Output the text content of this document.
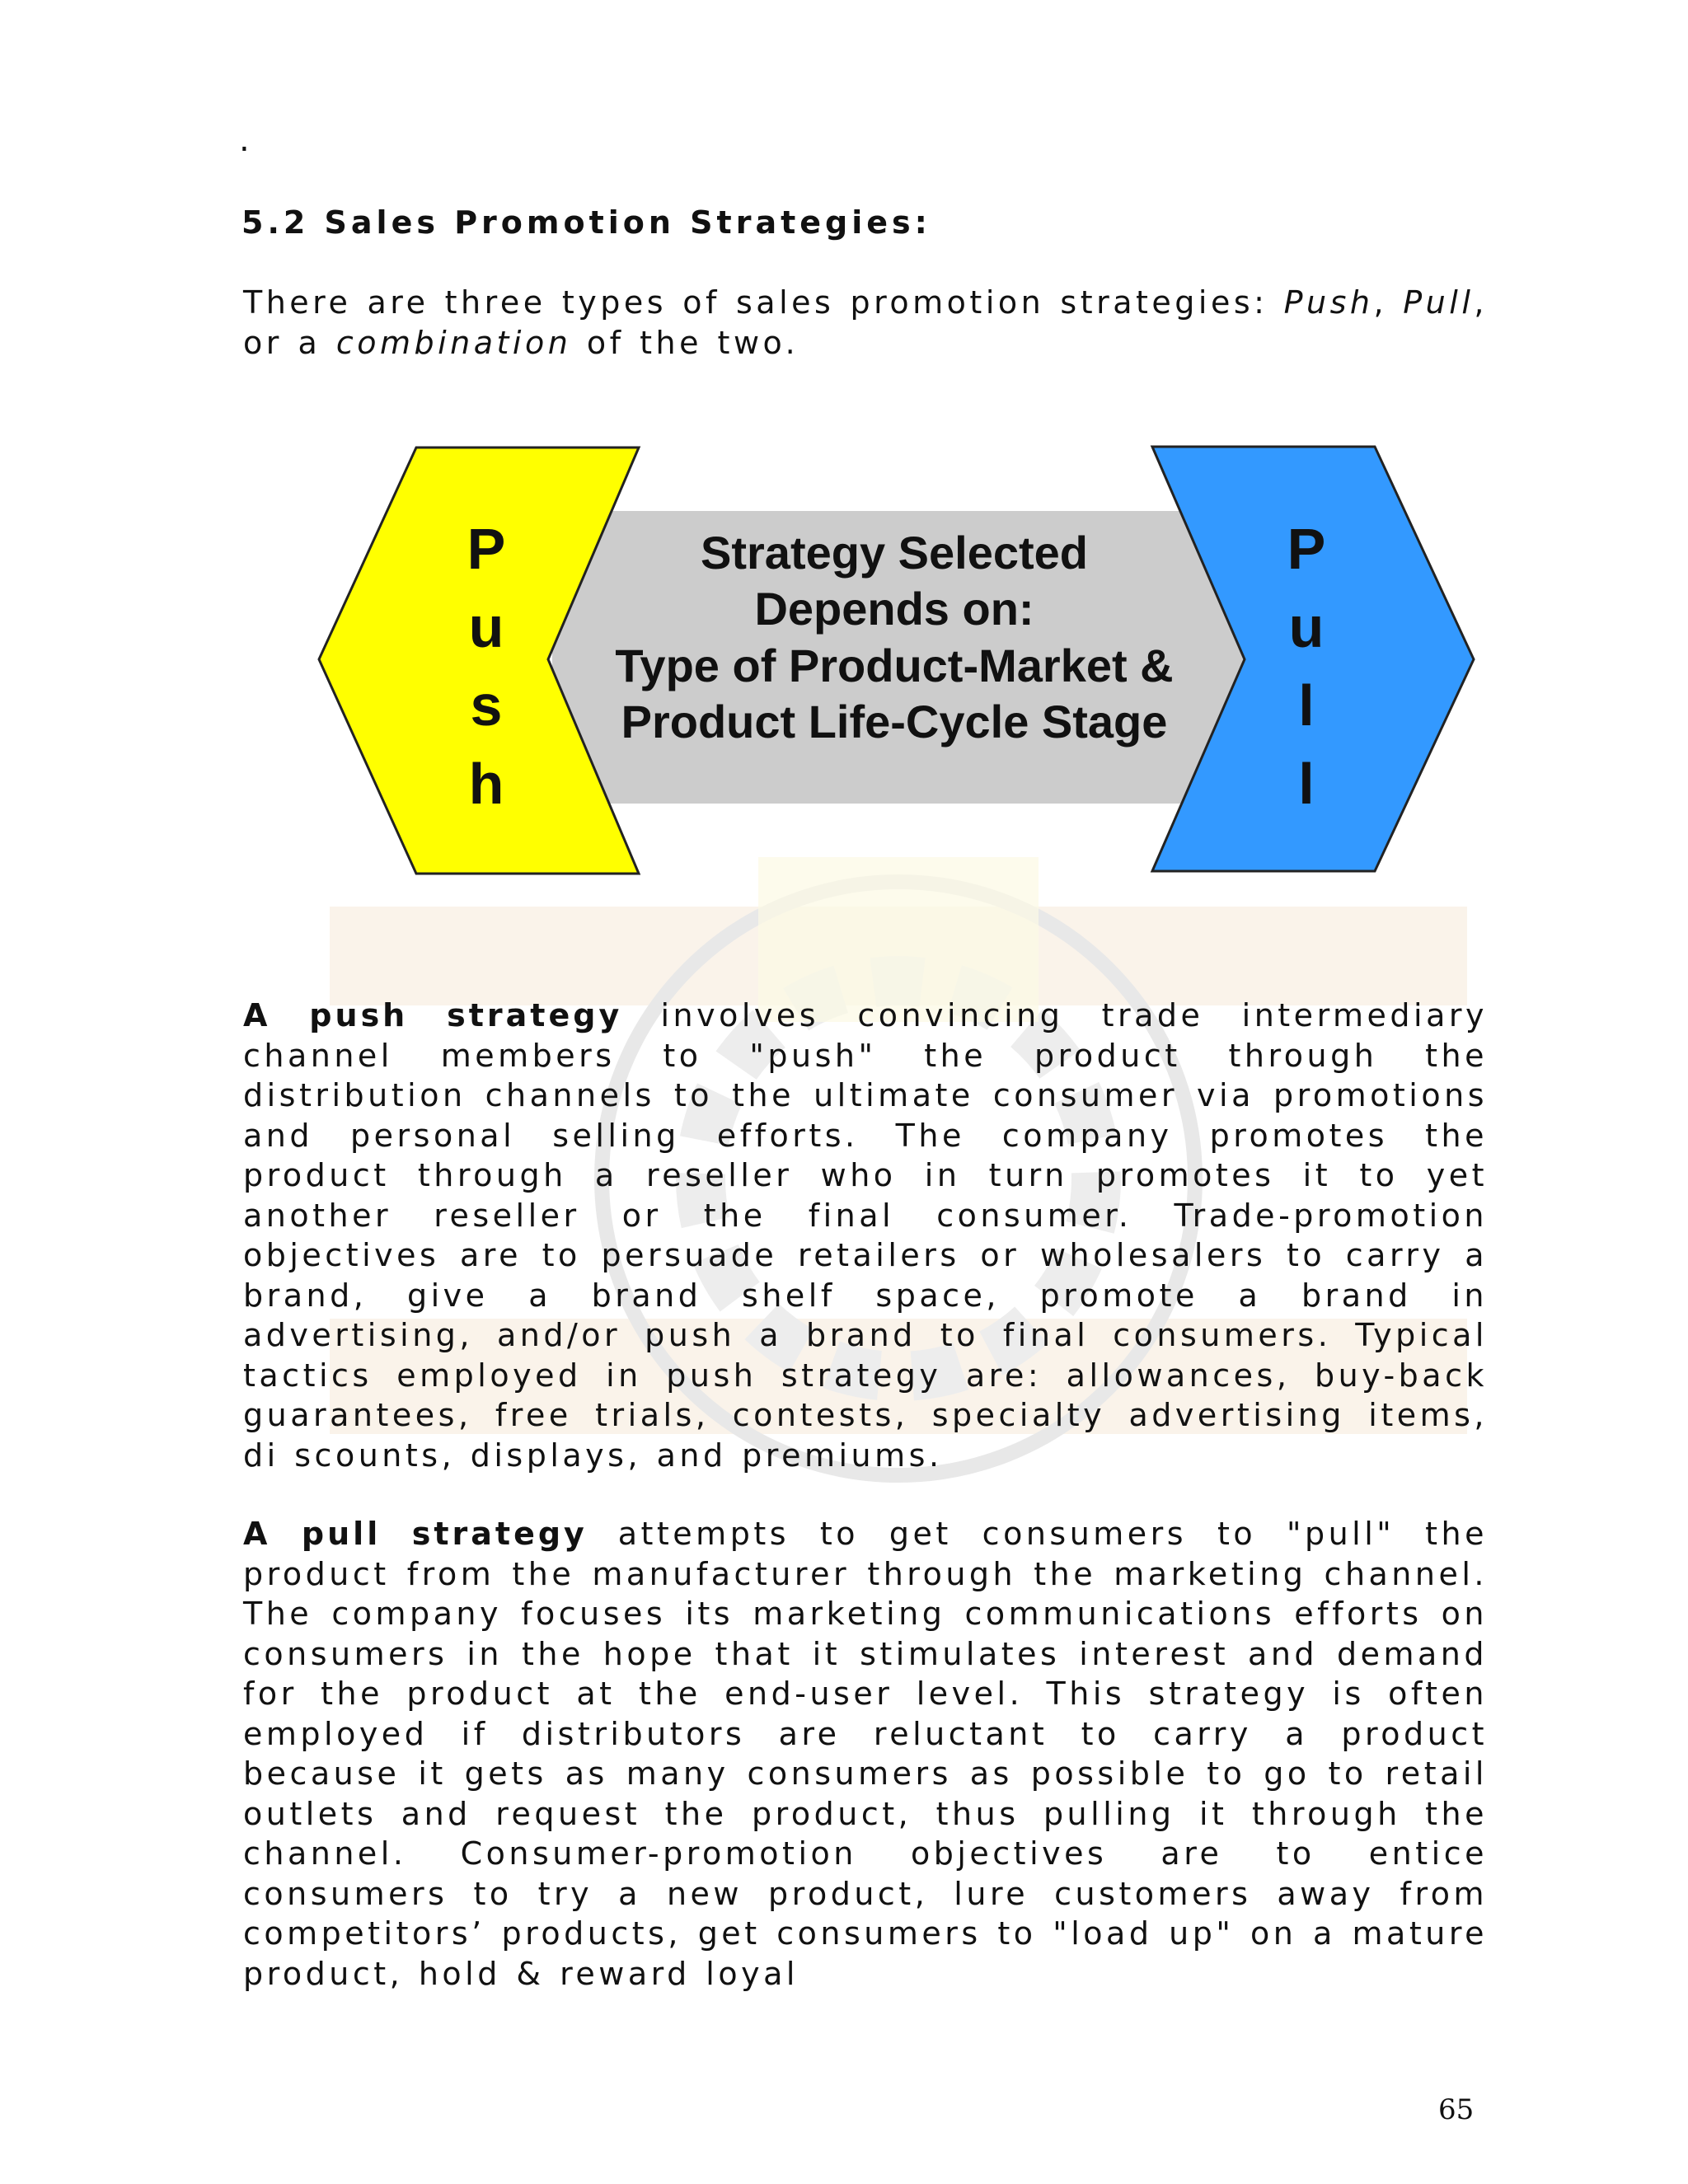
.
5.2 Sales Promotion Strategies:

There are three types of sales promotion strategies: Push, Pull, or a combination of the two.

P
u
s
h
P
u
l
l
Strategy Selected
Depends on:
Type of Product-Market &
Product Life-Cycle Stage

A push strategy involves convincing trade intermediary channel members to "push" the product through the distribution channels to the ultimate consumer via promotions and personal selling efforts. The company promotes the product through a reseller who in turn promotes it to yet another reseller or the final consumer. Trade-promotion objectives are to persuade retailers or wholesalers to carry a brand, give a brand shelf space, promote a brand in advertising, and/or push a brand to final consumers. Typical tactics employed in push strategy are: allowances, buy-back guarantees, free trials, contests, specialty advertising items, di scounts, displays, and premiums.

A pull strategy attempts to get consumers to "pull" the product from the manufacturer through the marketing channel. The company focuses its marketing communications efforts on consumers in the hope that it stimulates interest and demand for the product at the end-user level. This strategy is often employed if distributors are reluctant to carry a product because it gets as many consumers as possible to go to retail outlets and request the product, thus pulling it through the channel. Consumer-promotion objectives are to entice consumers to try a new product, lure customers away from competitors’ products, get consumers to "load up" on a mature product, hold & reward loyal

65
